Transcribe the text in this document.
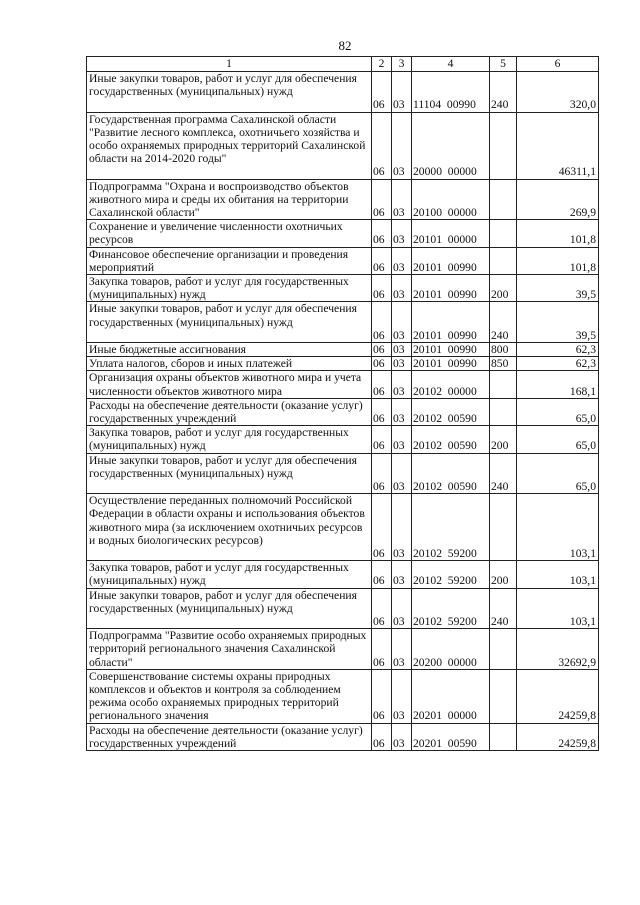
82
1	2	3	4	5	6
Иные закупки товаров, работ и услуг для обеспечения государственных (муниципальных) нужд	06	03	11104  00990	240	320,0
Государственная программа Сахалинской области "Развитие лесного комплекса, охотничьего хозяйства и особо охраняемых природных территорий Сахалинской области на 2014-2020 годы"	06	03	20000  00000		46311,1
Подпрограмма "Охрана и воспроизводство объектов животного мира и среды их обитания на территории Сахалинской области"	06	03	20100  00000		269,9
Сохранение и увеличение численности охотничьих ресурсов	06	03	20101  00000		101,8
Финансовое обеспечение организации и проведения мероприятий	06	03	20101  00990		101,8
Закупка товаров, работ и услуг для государственных (муниципальных) нужд	06	03	20101  00990	200	39,5
Иные закупки товаров, работ и услуг для обеспечения государственных (муниципальных) нужд	06	03	20101  00990	240	39,5
Иные бюджетные ассигнования	06	03	20101  00990	800	62,3
Уплата налогов, сборов и иных платежей	06	03	20101  00990	850	62,3
Организация охраны объектов животного мира и учета численности объектов животного мира	06	03	20102  00000		168,1
Расходы на обеспечение деятельности (оказание услуг) государственных учреждений	06	03	20102  00590		65,0
Закупка товаров, работ и услуг для государственных (муниципальных) нужд	06	03	20102  00590	200	65,0
Иные закупки товаров, работ и услуг для обеспечения государственных (муниципальных) нужд	06	03	20102  00590	240	65,0
Осуществление переданных полномочий Российской Федерации в области охраны и использования объектов животного мира (за исключением охотничьих ресурсов и водных биологических ресурсов)	06	03	20102  59200		103,1
Закупка товаров, работ и услуг для государственных (муниципальных) нужд	06	03	20102  59200	200	103,1
Иные закупки товаров, работ и услуг для обеспечения государственных (муниципальных) нужд	06	03	20102  59200	240	103,1
Подпрограмма "Развитие особо охраняемых природных территорий регионального значения Сахалинской области"	06	03	20200  00000		32692,9
Совершенствование системы охраны природных комплексов и объектов и контроля за соблюдением режима особо охраняемых природных территорий регионального значения	06	03	20201  00000		24259,8
Расходы на обеспечение деятельности (оказание услуг) государственных учреждений	06	03	20201  00590		24259,8
